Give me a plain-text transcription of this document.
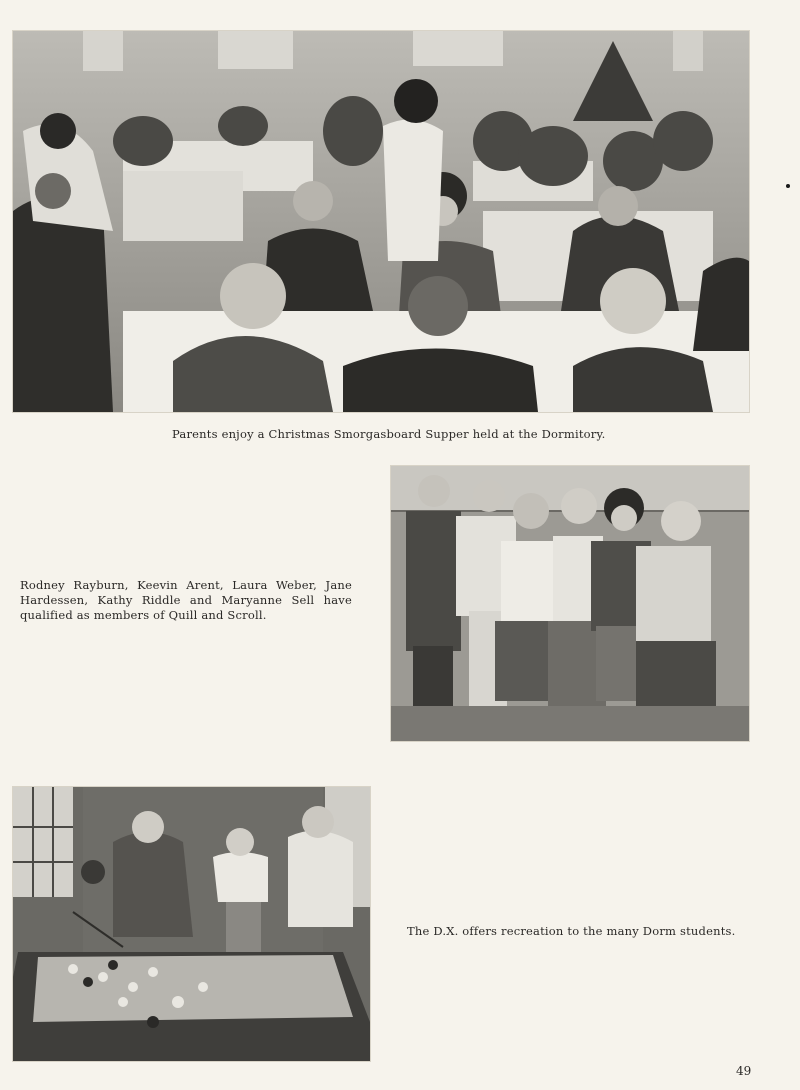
Parents enjoy a Christmas Smorgasboard Supper held at the Dormitory.
Rodney Rayburn, Keevin Arent, Laura Weber, Jane Hardessen, Kathy Riddle and Maryanne Sell have qualified as members of Quill and Scroll.
The D.X. offers recreation to the many Dorm students.
49
